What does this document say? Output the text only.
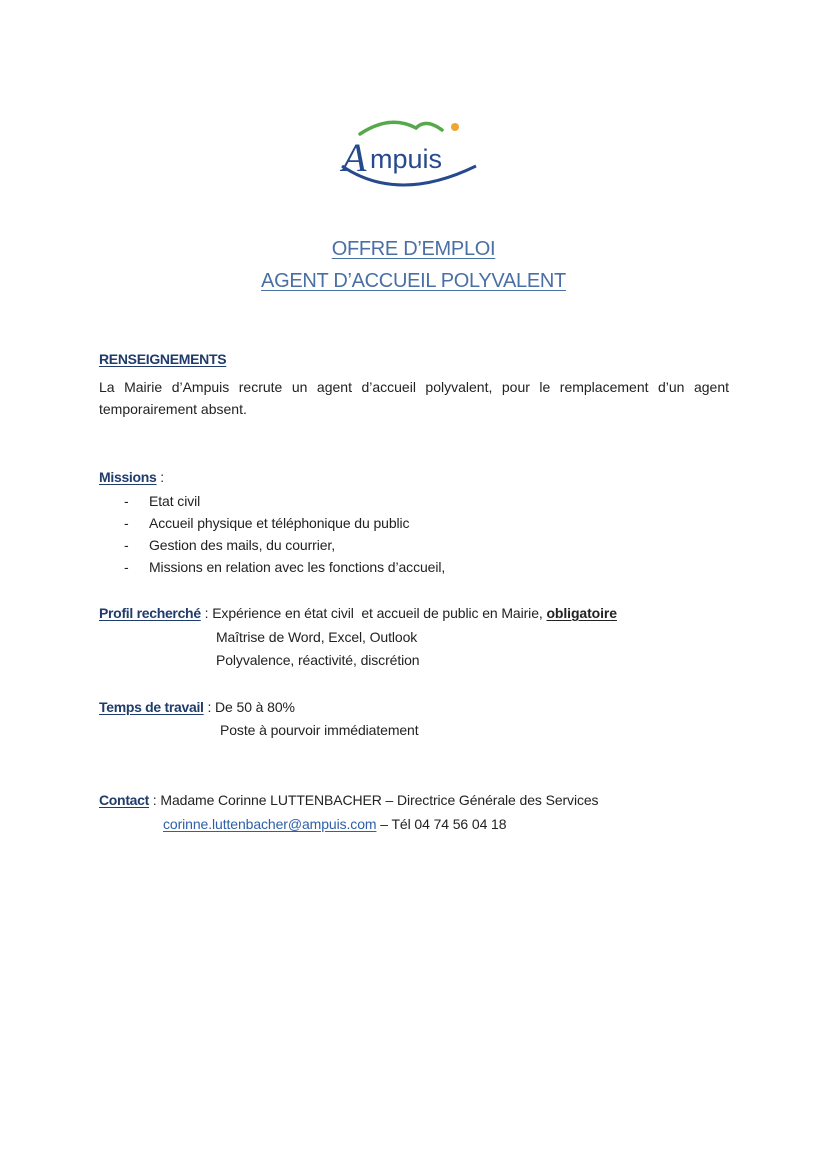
A mpuis
OFFRE D’EMPLOI
AGENT D’ACCUEIL POLYVALENT
RENSEIGNEMENTS
La Mairie d’Ampuis recrute un agent d’accueil polyvalent, pour le remplacement d’un agent temporairement absent.
Missions :
- Etat civil
- Accueil physique et téléphonique du public
- Gestion des mails, du courrier,
- Missions en relation avec les fonctions d’accueil,
Profil recherché : Expérience en état civil  et accueil de public en Mairie, obligatoire
Maîtrise de Word, Excel, Outlook
Polyvalence, réactivité, discrétion
Temps de travail : De 50 à 80%
Poste à pourvoir immédiatement
Contact : Madame Corinne LUTTENBACHER – Directrice Générale des Services
corinne.luttenbacher@ampuis.com – Tél 04 74 56 04 18
